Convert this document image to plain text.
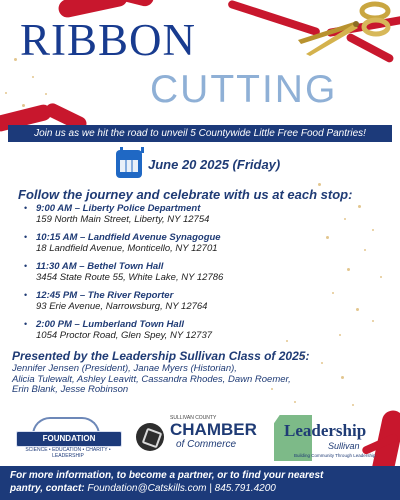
RIBBON
CUTTING
Join us as we hit the road to unveil 5 Countywide Little Free Food Pantries!
June 20 2025 (Friday)
Follow the journey and celebrate with us at each stop:
• 9:00 AM – Liberty Police Department
159 North Main Street, Liberty, NY 12754
• 10:15 AM – Landfield Avenue Synagogue
18 Landfield Avenue, Monticello, NY 12701
• 11:30 AM – Bethel Town Hall
3454 State Route 55, White Lake, NY 12786
• 12:45 PM – The River Reporter
93 Erie Avenue, Narrowsburg, NY 12764
• 2:00 PM – Lumberland Town Hall
1054 Proctor Road, Glen Spey, NY 12737
Presented by the Leadership Sullivan Class of 2025:
Jennifer Jensen (President), Janae Myers (Historian),
Alicia Tulewalt, Ashley Leavitt, Cassandra Rhodes, Dawn Roemer,
Erin Blank, Jesse Robinson
FOUNDATION
SCIENCE • EDUCATION • CHARITY • LEADERSHIP
SULLIVAN COUNTY
CHAMBER
of Commerce
Leadership
Sullivan
Building Community Through Leadership
For more information, to become a partner, or to find your nearest
pantry, contact: Foundation@Catskills.com | 845.791.4200
